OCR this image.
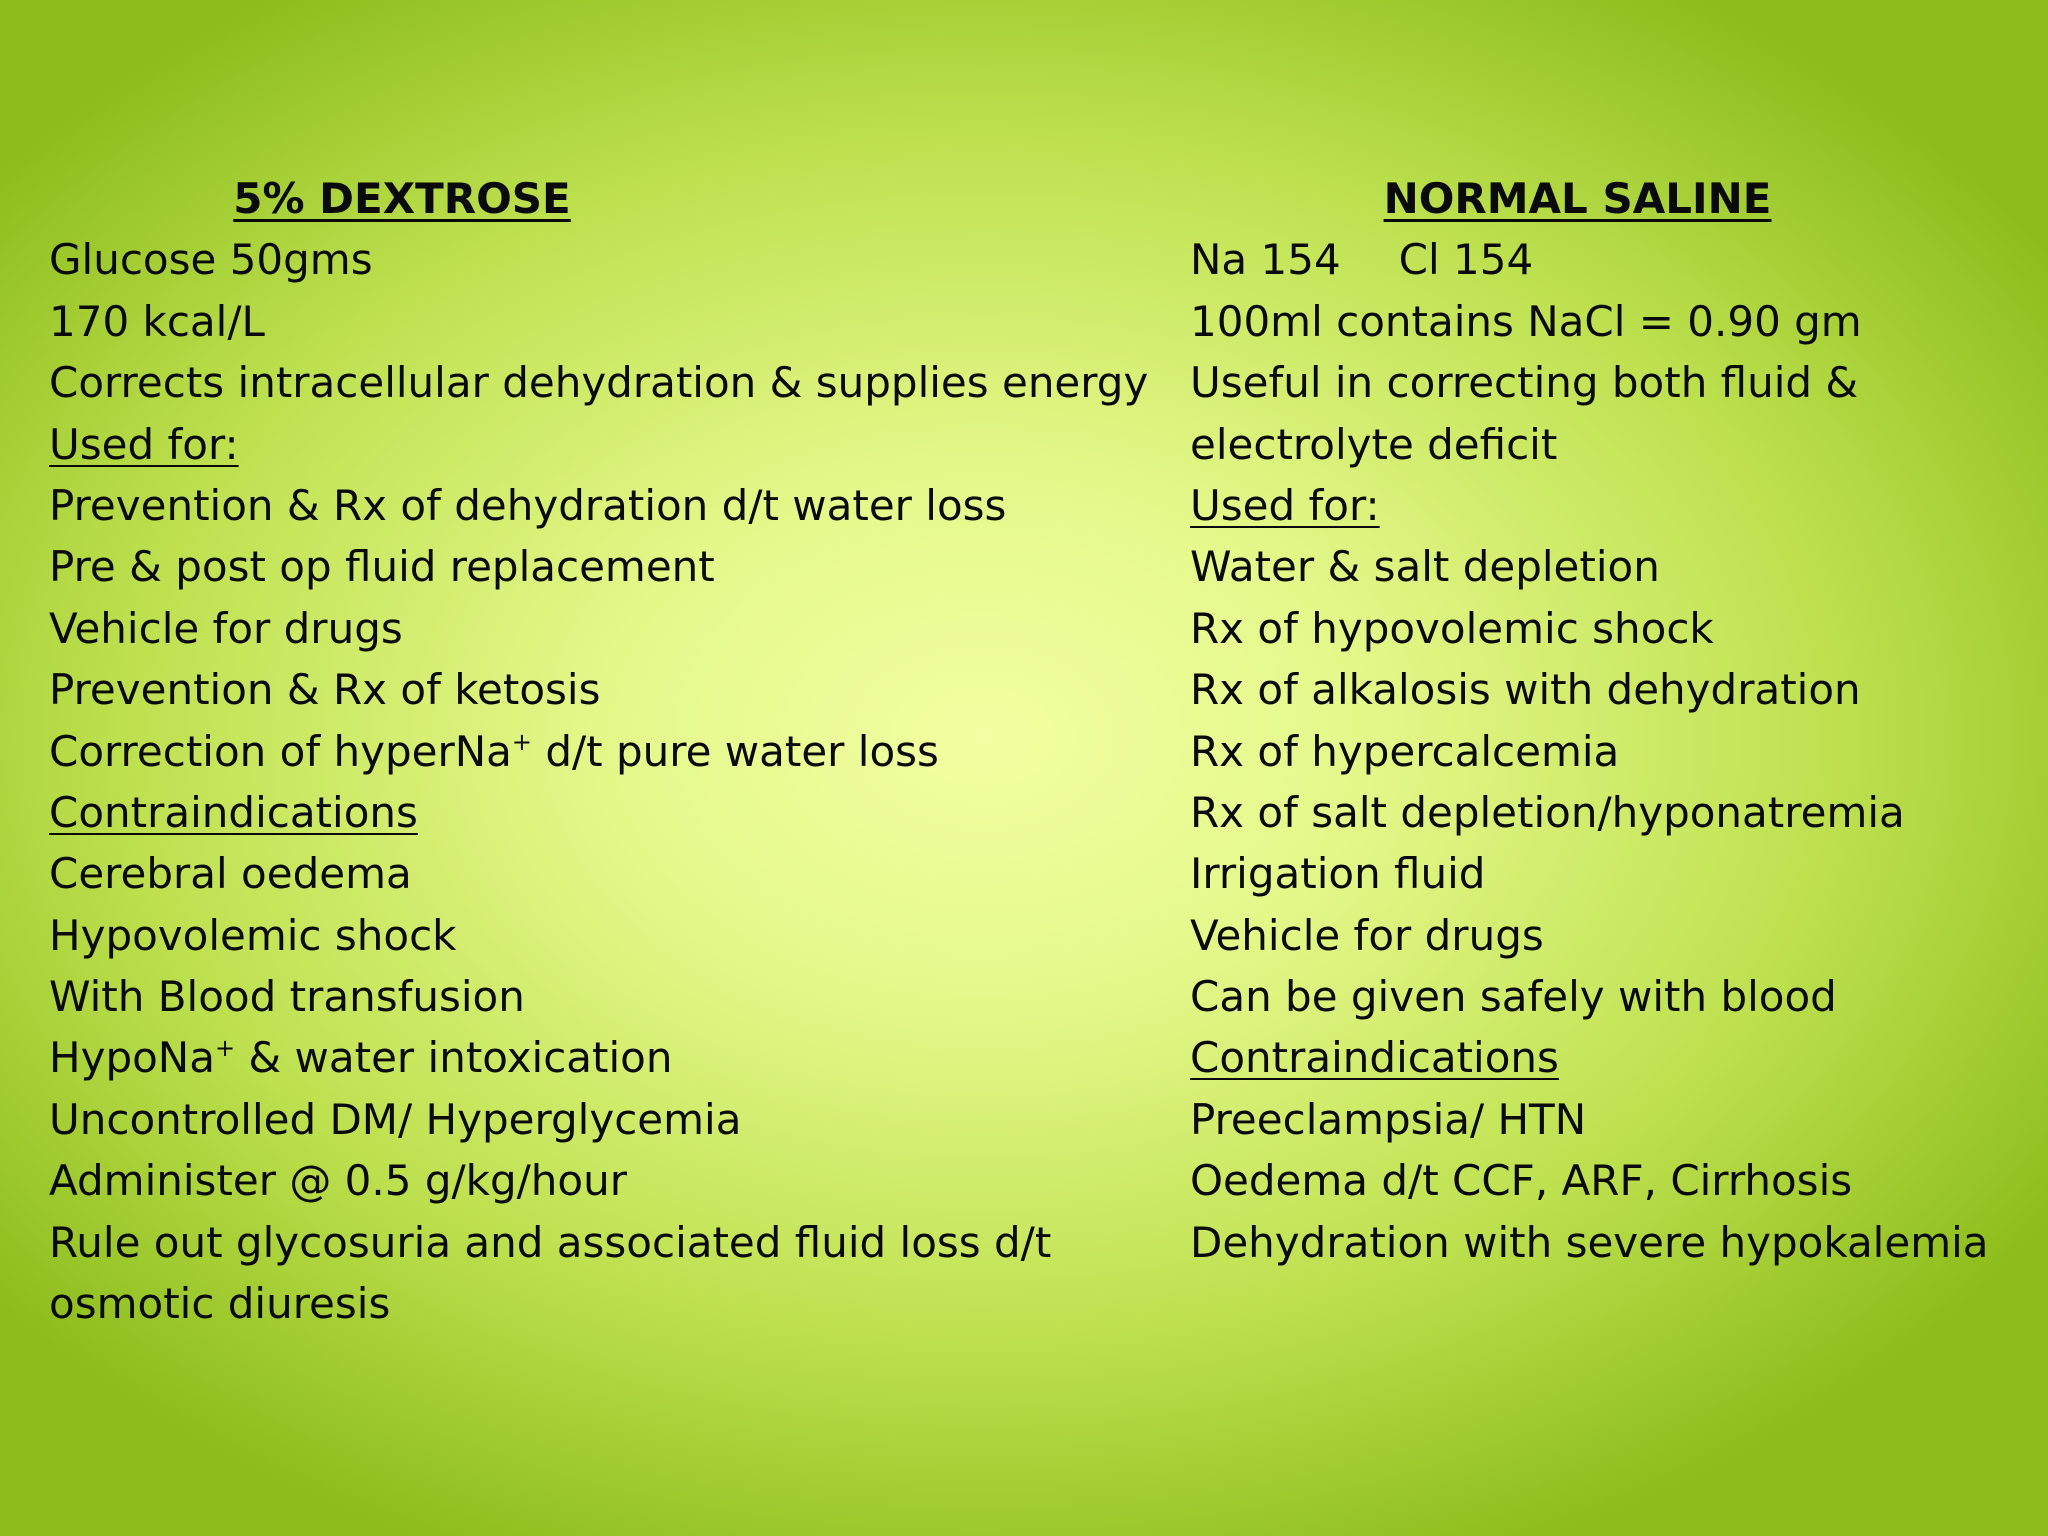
5% DEXTROSE
Glucose 50gms
170 kcal/L
Corrects intracellular dehydration & supplies energy
Used for:
Prevention & Rx of dehydration d/t water loss
Pre & post op fluid replacement
Vehicle for drugs
Prevention & Rx of ketosis
Correction of hyperNa+ d/t pure water loss
Contraindications
Cerebral oedema
Hypovolemic shock
With Blood transfusion
HypoNa+ & water intoxication
Uncontrolled DM/ Hyperglycemia
Administer @ 0.5 g/kg/hour
Rule out glycosuria and associated fluid loss d/t
osmotic diuresis
NORMAL SALINE
Na 154 Cl 154
100ml contains NaCl = 0.90 gm
Useful in correcting both fluid &
electrolyte deficit
Used for:
Water & salt depletion
Rx of hypovolemic shock
Rx of alkalosis with dehydration
Rx of hypercalcemia
Rx of salt depletion/hyponatremia
Irrigation fluid
Vehicle for drugs
Can be given safely with blood
Contraindications
Preeclampsia/ HTN
Oedema d/t CCF, ARF, Cirrhosis
Dehydration with severe hypokalemia
